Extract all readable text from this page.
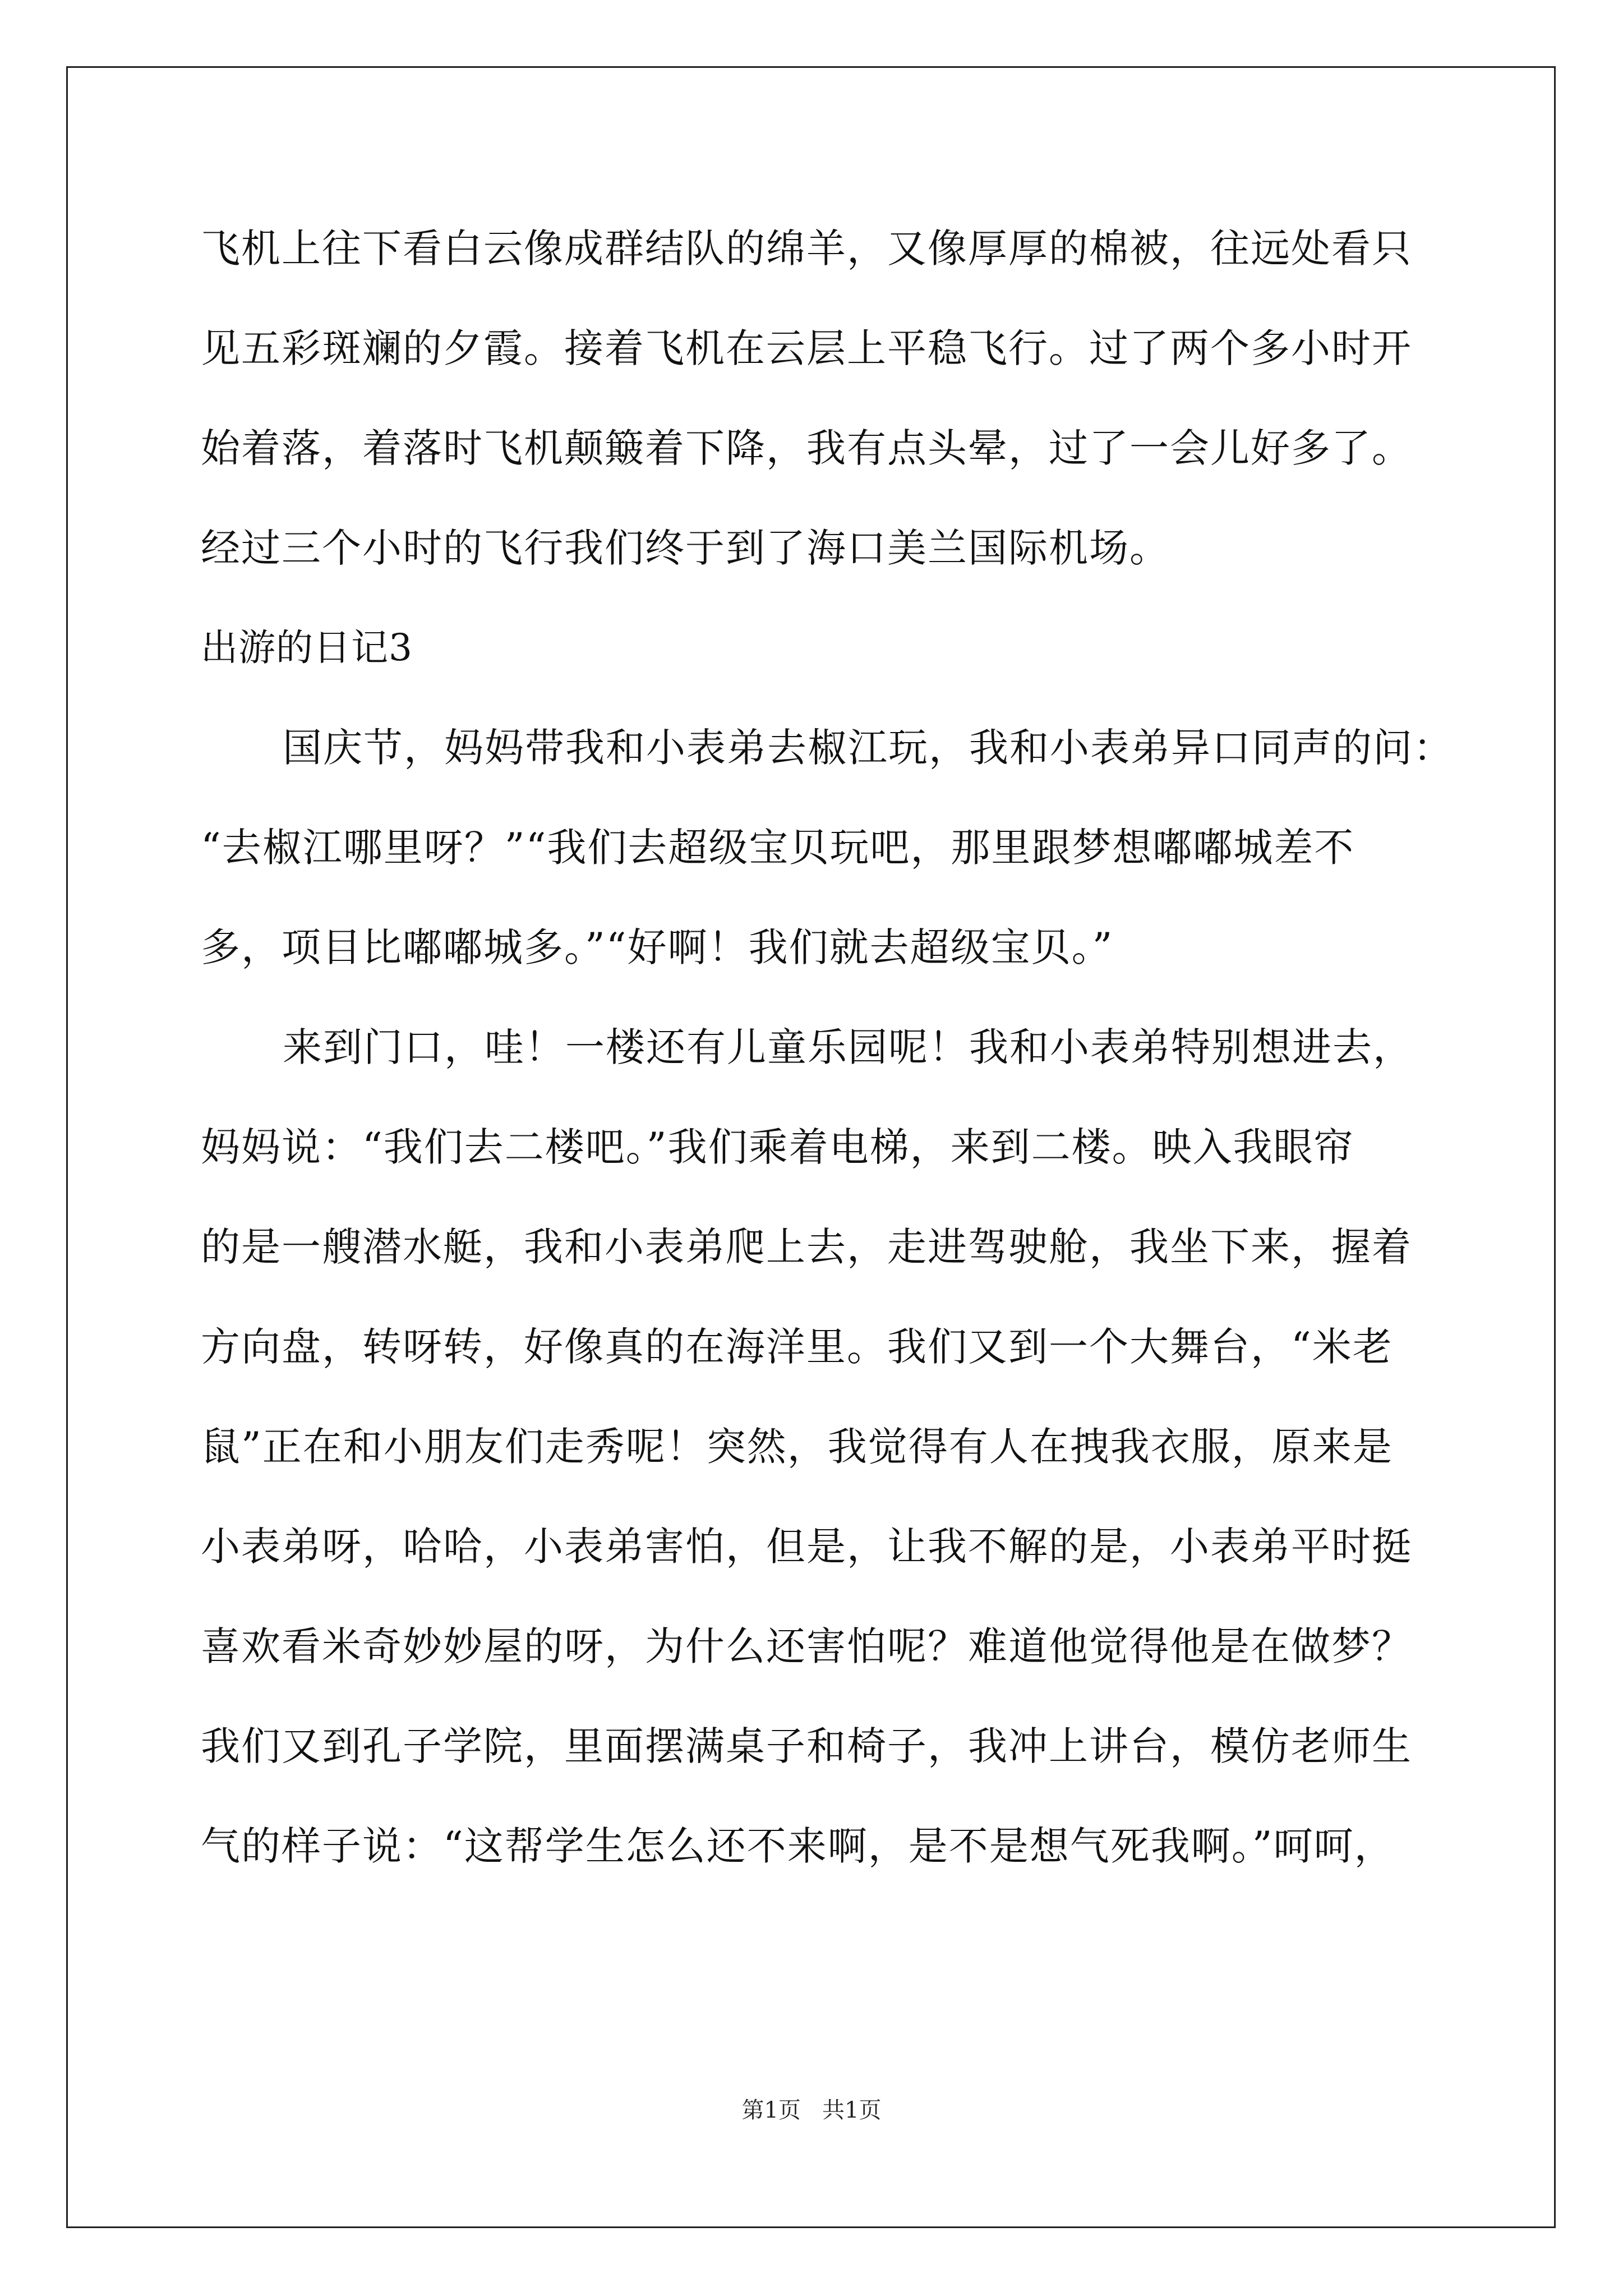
飞机上往下看白云像成群结队的绵羊，又像厚厚的棉被，往远处看只
见五彩斑斓的夕霞。接着飞机在云层上平稳飞行。过了两个多小时开
始着落，着落时飞机颠簸着下降，我有点头晕，过了一会儿好多了。
经过三个小时的飞行我们终于到了海口美兰国际机场。
出游的日记3
国庆节，妈妈带我和小表弟去椒江玩，我和小表弟异口同声的问：
“去椒江哪里呀？”“我们去超级宝贝玩吧，那里跟梦想嘟嘟城差不
多，项目比嘟嘟城多。”“好啊！我们就去超级宝贝。”
来到门口，哇！一楼还有儿童乐园呢！我和小表弟特别想进去，
妈妈说：“我们去二楼吧。”我们乘着电梯，来到二楼。映入我眼帘
的是一艘潜水艇，我和小表弟爬上去，走进驾驶舱，我坐下来，握着
方向盘，转呀转，好像真的在海洋里。我们又到一个大舞台，“米老
鼠”正在和小朋友们走秀呢！突然，我觉得有人在拽我衣服，原来是
小表弟呀，哈哈，小表弟害怕，但是，让我不解的是，小表弟平时挺
喜欢看米奇妙妙屋的呀，为什么还害怕呢？难道他觉得他是在做梦？
我们又到孔子学院，里面摆满桌子和椅子，我冲上讲台，模仿老师生
气的样子说：“这帮学生怎么还不来啊，是不是想气死我啊。”呵呵，
第1页   共1页
